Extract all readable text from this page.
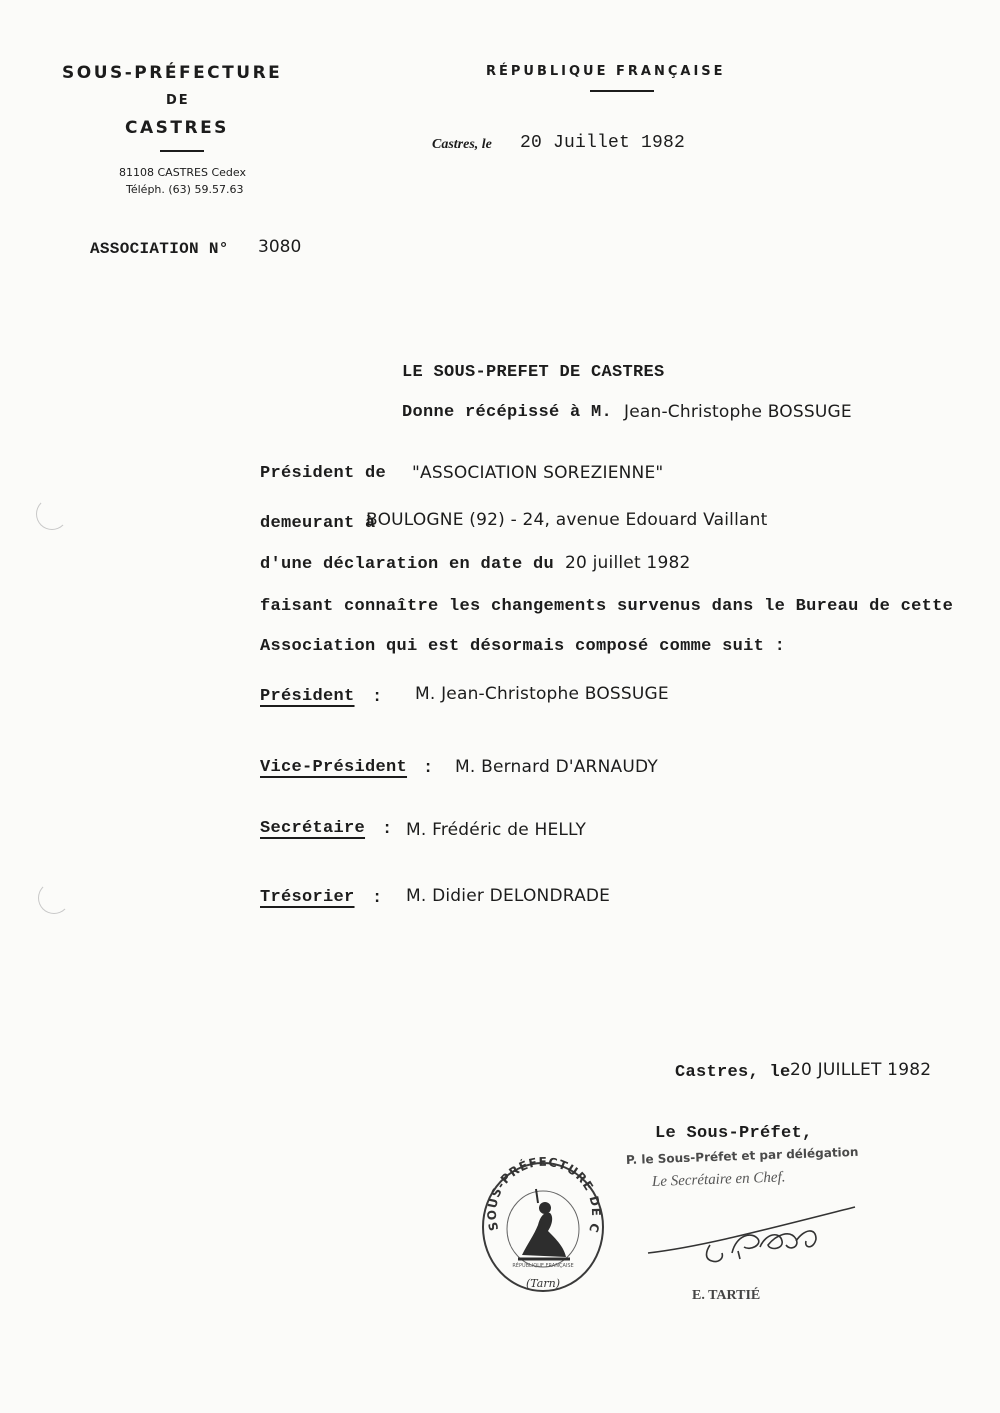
SOUS-PRÉFECTURE
DE
CASTRES
81108 CASTRES Cedex
Téléph. (63) 59.57.63
RÉPUBLIQUE FRANÇAISE
Castres, le 20 Juillet 1982
ASSOCIATION N° 3080
LE SOUS-PREFET DE CASTRES
Donne récépissé à M. Jean-Christophe BOSSUGE
Président de "ASSOCIATION SOREZIENNE"
demeurant à
BOULOGNE (92) - 24, avenue Edouard Vaillant
d'une déclaration en date du 20 juillet 1982
faisant connaître les changements survenus dans le Bureau de cette
Association qui est désormais composé comme suit :
Président : M. Jean-Christophe BOSSUGE
Vice-Président : M. Bernard D'ARNAUDY
Secrétaire : M. Frédéric de HELLY
Trésorier : M. Didier DELONDRADE
Castres, le 20 JUILLET 1982
Le Sous-Préfet,
P. le Sous-Préfet et par délégation
Le Secrétaire en Chef.
E. TARTIÉ
SOUS-PRÉFECTURE DE C
(Tarn)
RÉPUBLIQUE FRANÇAISE
